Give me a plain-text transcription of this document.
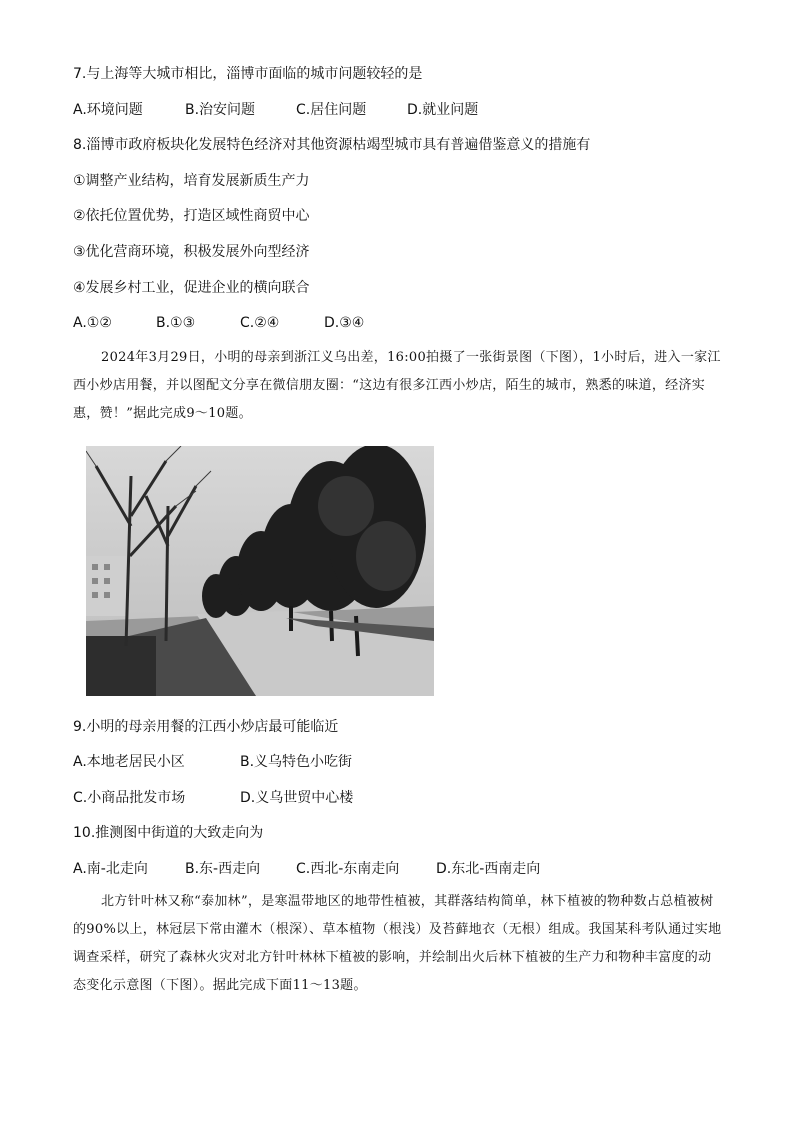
7.与上海等大城市相比，淄博市面临的城市问题较轻的是
A.环境问题	B.治安问题	C.居住问题	D.就业问题
8.淄博市政府板块化发展特色经济对其他资源枯竭型城市具有普遍借鉴意义的措施有
①调整产业结构，培育发展新质生产力
②依托位置优势，打造区域性商贸中心
③优化营商环境，积极发展外向型经济
④发展乡村工业，促进企业的横向联合
A.①②	B.①③	C.②④	D.③④
2024年3月29日，小明的母亲到浙江义乌出差，16:00拍摄了一张街景图（下图），1小时后，进入一家江西小炒店用餐，并以图配文分享在微信朋友圈：“这边有很多江西小炒店，陌生的城市，熟悉的味道，经济实惠，赞！”据此完成9～10题。
9.小明的母亲用餐的江西小炒店最可能临近
A.本地老居民小区	B.义乌特色小吃街
C.小商品批发市场	D.义乌世贸中心楼
10.推测图中街道的大致走向为
A.南-北走向	B.东-西走向	C.西北-东南走向	D.东北-西南走向
北方针叶林又称“泰加林”，是寒温带地区的地带性植被，其群落结构简单，林下植被的物种数占总植被树的90%以上，林冠层下常由灌木（根深）、草本植物（根浅）及苔藓地衣（无根）组成。我国某科考队通过实地调查采样，研究了森林火灾对北方针叶林林下植被的影响，并绘制出火后林下植被的生产力和物种丰富度的动态变化示意图（下图）。据此完成下面11～13题。
